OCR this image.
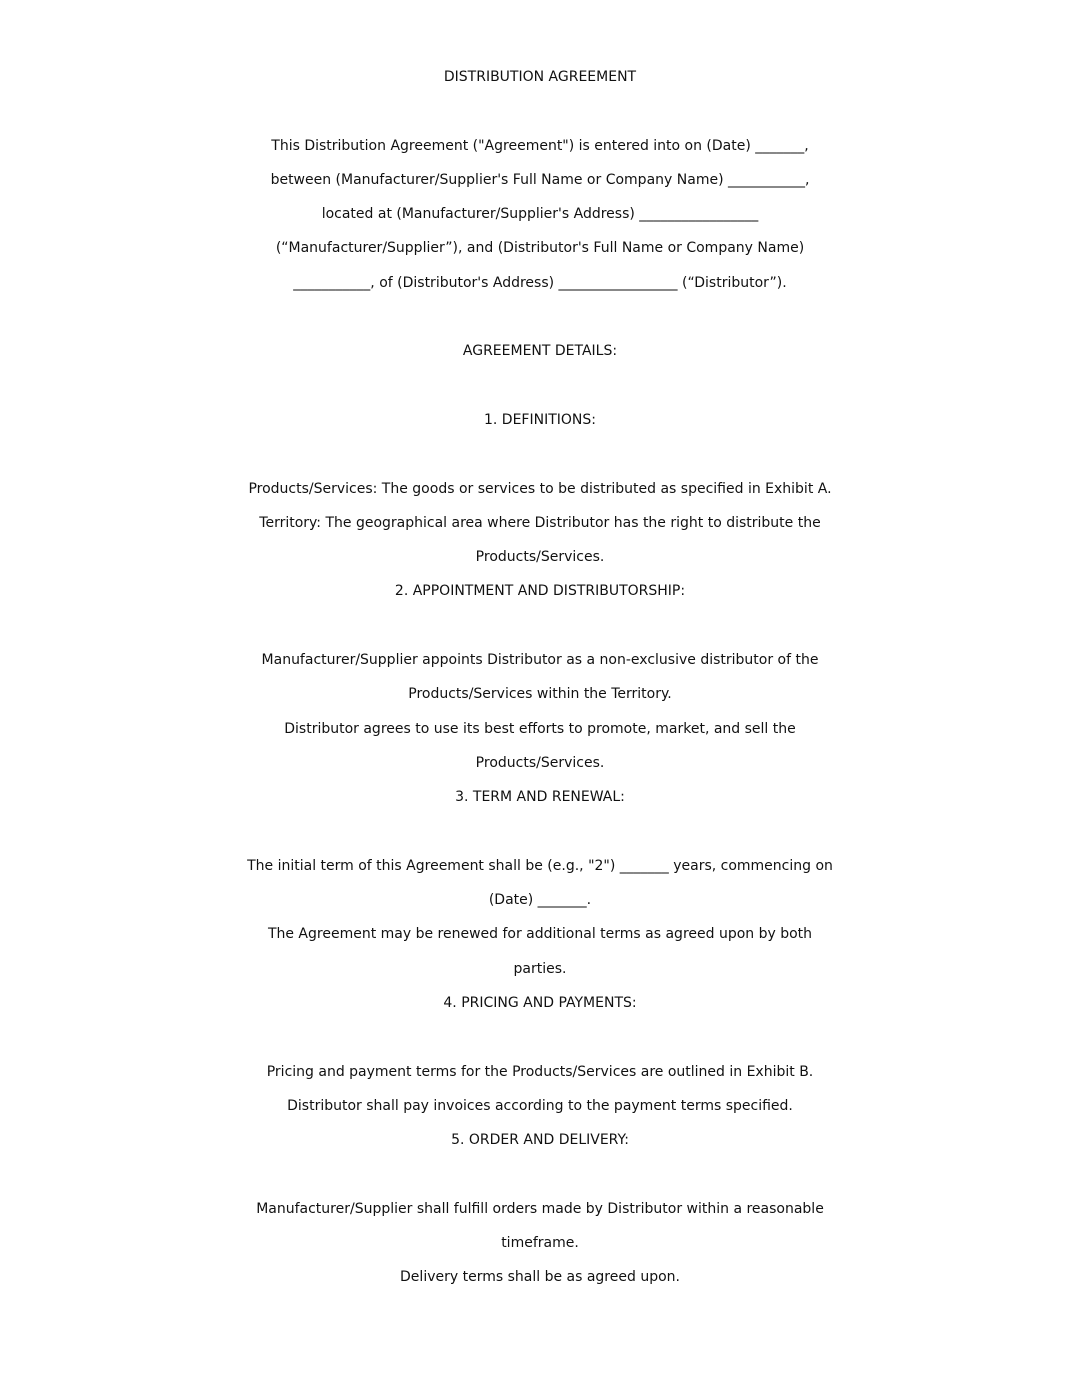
DISTRIBUTION AGREEMENT

This Distribution Agreement ("Agreement") is entered into on (Date) _______,

between (Manufacturer/Supplier's Full Name or Company Name) ___________,

located at (Manufacturer/Supplier's Address) _________________

(“Manufacturer/Supplier”), and (Distributor's Full Name or Company Name)

___________, of (Distributor's Address) _________________ (“Distributor”).

AGREEMENT DETAILS:

1. DEFINITIONS:

Products/Services: The goods or services to be distributed as specified in Exhibit A.

Territory: The geographical area where Distributor has the right to distribute the

Products/Services.

2. APPOINTMENT AND DISTRIBUTORSHIP:

Manufacturer/Supplier appoints Distributor as a non-exclusive distributor of the

Products/Services within the Territory.

Distributor agrees to use its best efforts to promote, market, and sell the

Products/Services.

3. TERM AND RENEWAL:

The initial term of this Agreement shall be (e.g., "2") _______ years, commencing on

(Date) _______.

The Agreement may be renewed for additional terms as agreed upon by both

parties.

4. PRICING AND PAYMENTS:

Pricing and payment terms for the Products/Services are outlined in Exhibit B.

Distributor shall pay invoices according to the payment terms specified.

5. ORDER AND DELIVERY:

Manufacturer/Supplier shall fulfill orders made by Distributor within a reasonable

timeframe.

Delivery terms shall be as agreed upon.
